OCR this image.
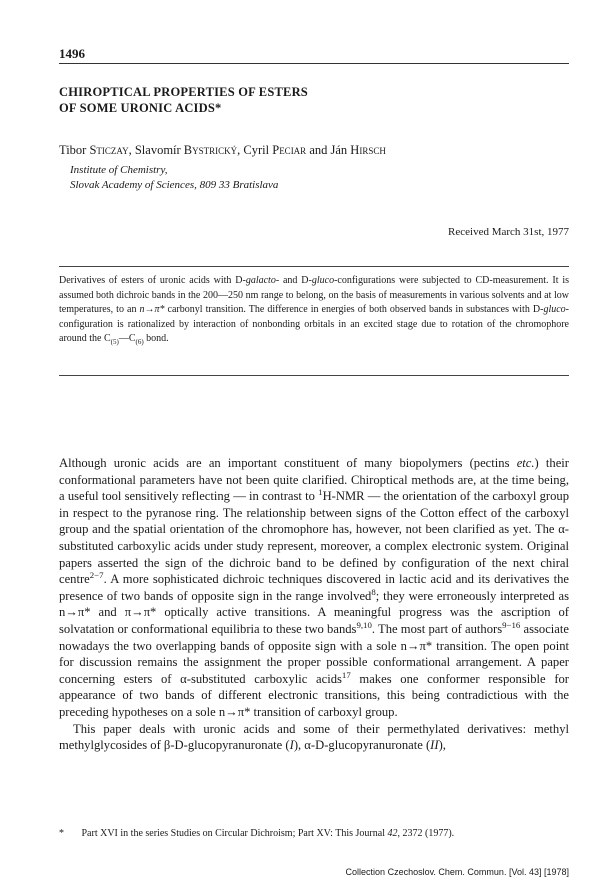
1496
CHIROPTICAL PROPERTIES OF ESTERS
OF SOME URONIC ACIDS*
Tibor Sticzay, Slavomír Bystrický, Cyril Peciar and Ján Hirsch
Institute of Chemistry,
Slovak Academy of Sciences, 809 33 Bratislava
Received March 31st, 1977
Derivatives of esters of uronic acids with D-galacto- and D-gluco-configurations were subjected to CD-measurement. It is assumed both dichroic bands in the 200—250 nm range to belong, on the basis of measurements in various solvents and at low temperatures, to an n→π* carbonyl transition. The difference in energies of both observed bands in substances with D-gluco-configuration is rationalized by interaction of nonbonding orbitals in an excited stage due to rotation of the chromophore around the $C_{(5)}—C_{(6)}$ bond.

Although uronic acids are an important constituent of many biopolymers (pectins etc.) their conformational parameters have not been quite clarified. Chiroptical methods are, at the time being, a useful tool sensitively reflecting — in contrast to $^1$H-NMR — the orientation of the carboxyl group in respect to the pyranose ring. The relationship between signs of the Cotton effect of the carboxyl group and the spatial orientation of the chromophore has, however, not been clarified as yet. The α-substituted carboxylic acids under study represent, moreover, a complex electronic system. Original papers asserted the sign of the dichroic band to be defined by configuration of the next chiral centre$^{2-7}$. A more sophisticated dichroic techniques discovered in lactic acid and its derivatives the presence of two bands of opposite sign in the range involved$^8$; they were erroneously interpreted as n→π* and π→π* optically active transitions. A meaningful progress was the ascription of solvatation or conformational equilibria to these two bands$^{9,10}$. The most part of authors$^{9-16}$ associate nowadays the two overlapping bands of opposite sign with a sole n→π* transition. The open point for discussion remains the assignment the proper possible conformational arrangement. A paper concerning esters of α-substituted carboxylic acids$^{17}$ makes one conformer responsible for appearance of two bands of different electronic transitions, this being contradictious with the preceding hypotheses on a sole n→π* transition of carboxyl group.

This paper deals with uronic acids and some of their permethylated derivatives: methyl methylglycosides of β-D-glucopyranuronate (I), α-D-glucopyranuronate (II),

* Part XVI in the series Studies on Circular Dichroism; Part XV: This Journal 42, 2372 (1977).
Collection Czechoslov. Chem. Commun. [Vol. 43] [1978]
